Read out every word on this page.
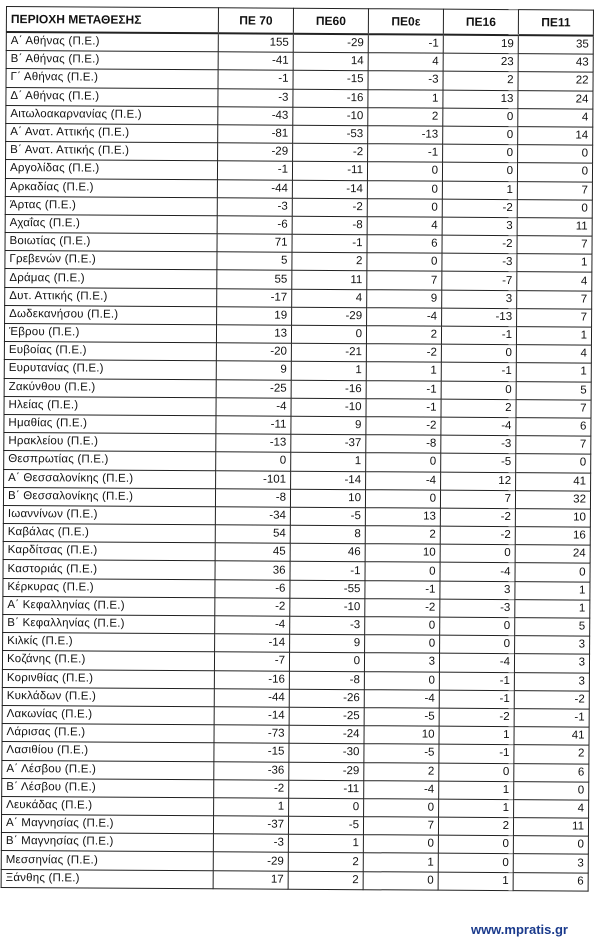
ΠΕΡΙΟΧΗ ΜΕΤΑΘΕΣΗΣ	ΠΕ 70	ΠΕ60	ΠΕ0ε	ΠΕ16	ΠΕ11
Α΄ Αθήνας (Π.Ε.)	155	-29	-1	19	35
Β΄ Αθήνας (Π.Ε.)	-41	14	4	23	43
Γ΄ Αθήνας (Π.Ε.)	-1	-15	-3	2	22
Δ΄ Αθήνας (Π.Ε.)	-3	-16	1	13	24
Αιτωλοακαρνανίας (Π.Ε.)	-43	-10	2	0	4
Α΄ Ανατ. Αττικής (Π.Ε.)	-81	-53	-13	0	14
Β΄ Ανατ. Αττικής (Π.Ε.)	-29	-2	-1	0	0
Αργολίδας (Π.Ε.)	-1	-11	0	0	0
Αρκαδίας (Π.Ε.)	-44	-14	0	1	7
Άρτας (Π.Ε.)	-3	-2	0	-2	0
Αχαΐας (Π.Ε.)	-6	-8	4	3	11
Βοιωτίας (Π.Ε.)	71	-1	6	-2	7
Γρεβενών (Π.Ε.)	5	2	0	-3	1
Δράμας (Π.Ε.)	55	11	7	-7	4
Δυτ. Αττικής (Π.Ε.)	-17	4	9	3	7
Δωδεκανήσου (Π.Ε.)	19	-29	-4	-13	7
Έβρου (Π.Ε.)	13	0	2	-1	1
Ευβοίας (Π.Ε.)	-20	-21	-2	0	4
Ευρυτανίας (Π.Ε.)	9	1	1	-1	1
Ζακύνθου (Π.Ε.)	-25	-16	-1	0	5
Ηλείας (Π.Ε.)	-4	-10	-1	2	7
Ημαθίας (Π.Ε.)	-11	9	-2	-4	6
Ηρακλείου (Π.Ε.)	-13	-37	-8	-3	7
Θεσπρωτίας (Π.Ε.)	0	1	0	-5	0
Α΄ Θεσσαλονίκης (Π.Ε.)	-101	-14	-4	12	41
Β΄ Θεσσαλονίκης (Π.Ε.)	-8	10	0	7	32
Ιωαννίνων (Π.Ε.)	-34	-5	13	-2	10
Καβάλας (Π.Ε.)	54	8	2	-2	16
Καρδίτσας (Π.Ε.)	45	46	10	0	24
Καστοριάς (Π.Ε.)	36	-1	0	-4	0
Κέρκυρας (Π.Ε.)	-6	-55	-1	3	1
Α΄ Κεφαλληνίας (Π.Ε.)	-2	-10	-2	-3	1
Β΄ Κεφαλληνίας (Π.Ε.)	-4	-3	0	0	5
Κιλκίς (Π.Ε.)	-14	9	0	0	3
Κοζάνης (Π.Ε.)	-7	0	3	-4	3
Κορινθίας (Π.Ε.)	-16	-8	0	-1	3
Κυκλάδων (Π.Ε.)	-44	-26	-4	-1	-2
Λακωνίας (Π.Ε.)	-14	-25	-5	-2	-1
Λάρισας (Π.Ε.)	-73	-24	10	1	41
Λασιθίου (Π.Ε.)	-15	-30	-5	-1	2
Α΄ Λέσβου (Π.Ε.)	-36	-29	2	0	6
Β΄ Λέσβου (Π.Ε.)	-2	-11	-4	1	0
Λευκάδας (Π.Ε.)	1	0	0	1	4
Α΄ Μαγνησίας (Π.Ε.)	-37	-5	7	2	11
Β΄ Μαγνησίας (Π.Ε.)	-3	1	0	0	0
Μεσσηνίας (Π.Ε.)	-29	2	1	0	3
Ξάνθης (Π.Ε.)	17	2	0	1	6
www.mpratis.gr
